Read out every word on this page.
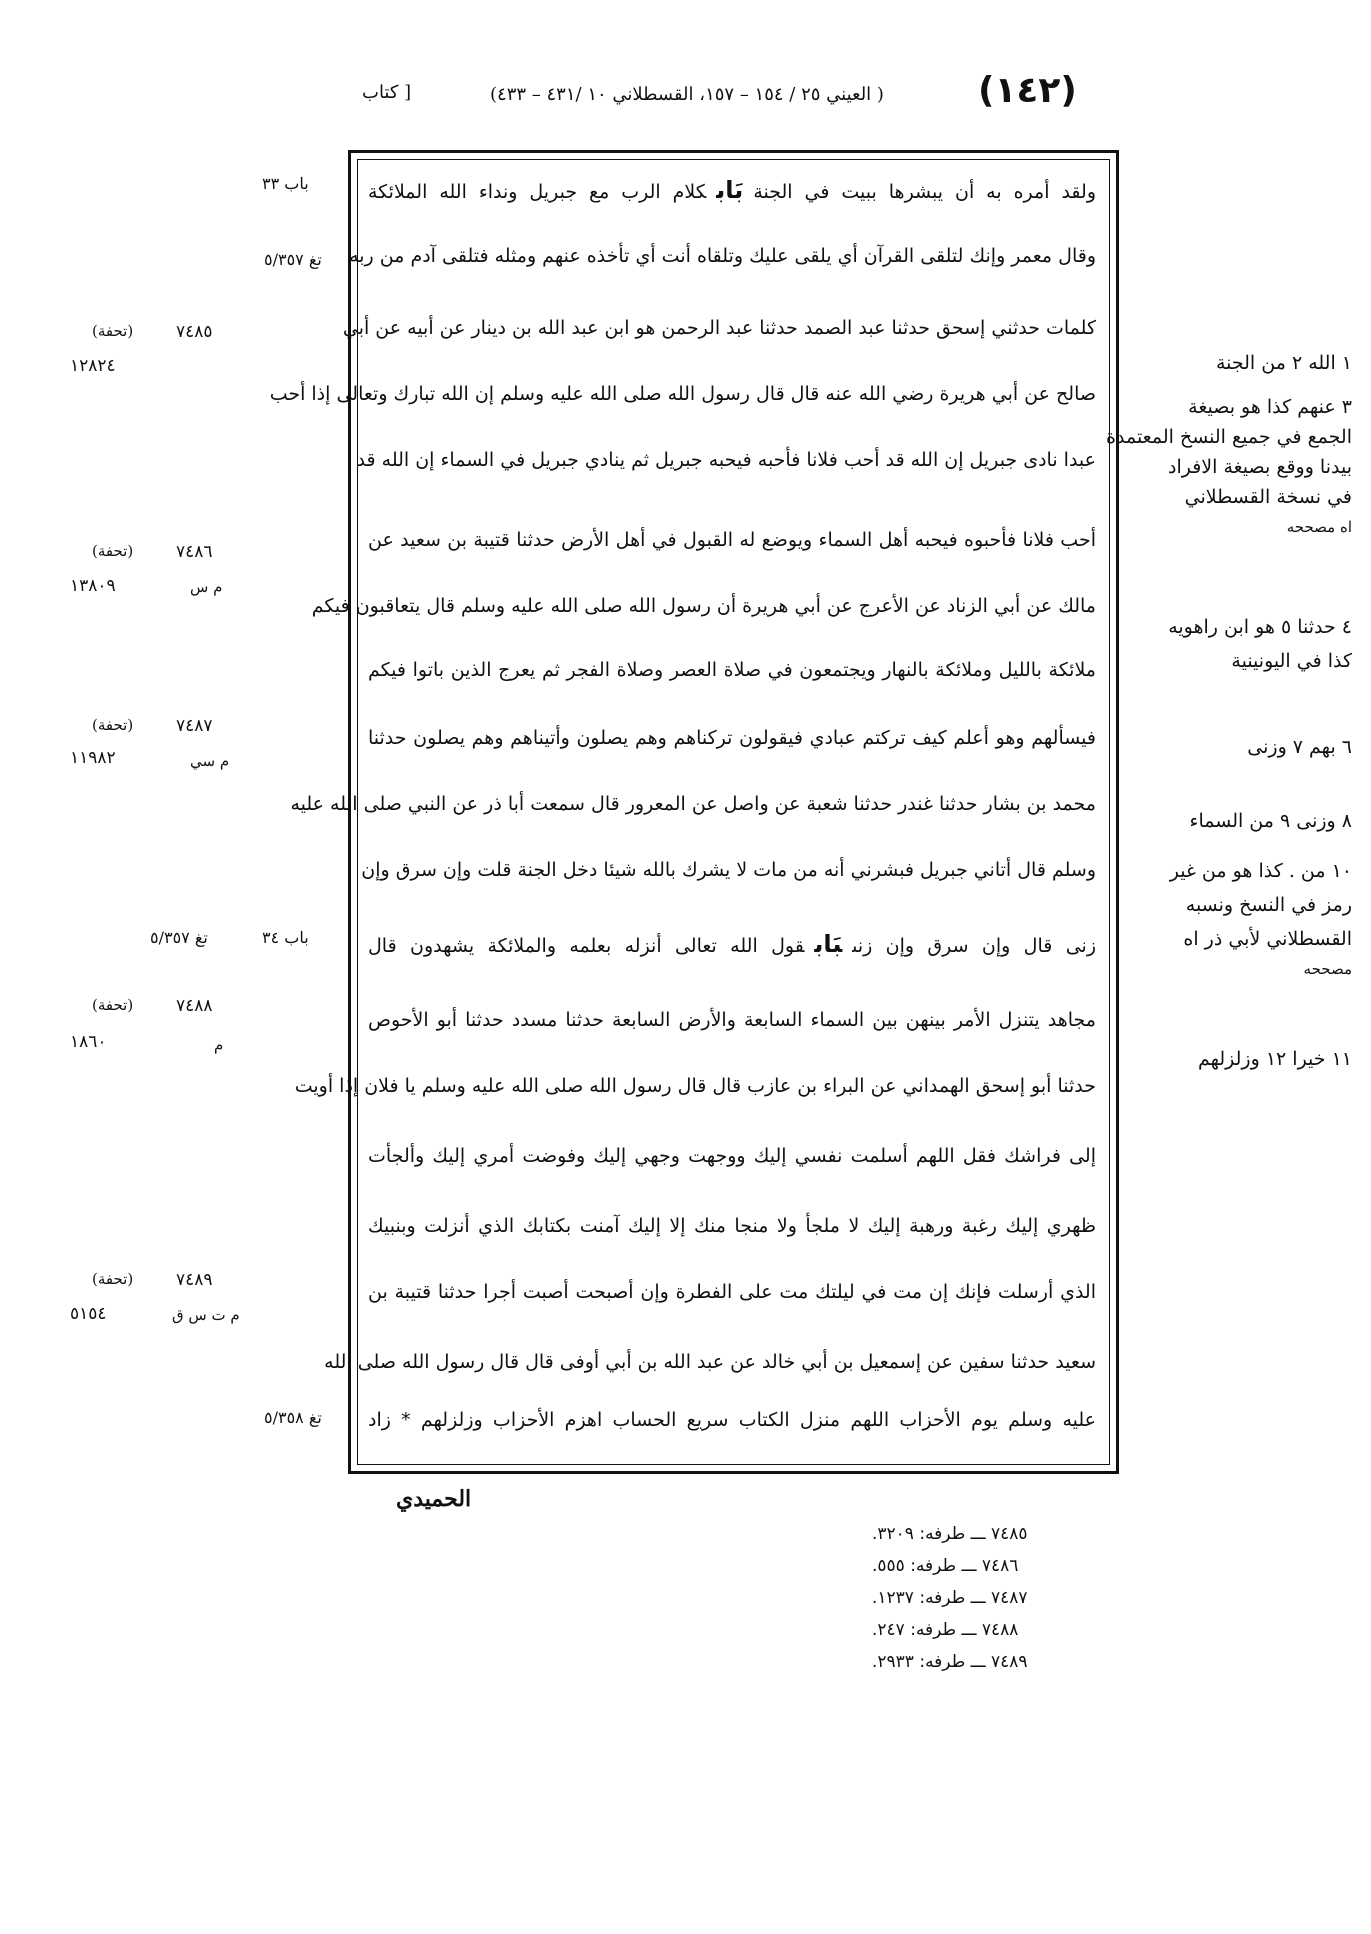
(١٤٢)
( العيني ٢٥ / ١٥٤ – ١٥٧، القسطلاني ١٠ /٤٣١ – ٤٣٣)
[ كتاب
ولقد أمره به أن يبشرها ببيت في الجنةبَابكلام الرب مع جبريل ونداء الله الملائكة
وقال معمر وإنك لتلقى القرآن أي يلقى عليك وتلقاه أنت أي تأخذه عنهم ومثله فتلقى آدم من ربه
كلمات حدثني إسحق حدثنا عبد الصمد حدثنا عبد الرحمن هو ابن عبد الله بن دينار عن أبيه عن أبي
صالح عن أبي هريرة رضي الله عنه قال قال رسول الله صلى الله عليه وسلم إن الله تبارك وتعالى إذا أحب
عبدا نادى جبريل إن الله قد أحب فلانا فأحبه فيحبه جبريل ثم ينادي جبريل في السماء إن الله قد
أحب فلانا فأحبوه فيحبه أهل السماء ويوضع له القبول في أهل الأرض حدثنا قتيبة بن سعيد عن
مالك عن أبي الزناد عن الأعرج عن أبي هريرة أن رسول الله صلى الله عليه وسلم قال يتعاقبون فيكم
ملائكة بالليل وملائكة بالنهار ويجتمعون في صلاة العصر وصلاة الفجر ثم يعرج الذين باتوا فيكم
فيسألهم وهو أعلم كيف تركتم عبادي فيقولون تركناهم وهم يصلون وأتيناهم وهم يصلون حدثنا
محمد بن بشار حدثنا غندر حدثنا شعبة عن واصل عن المعرور قال سمعت أبا ذر عن النبي صلى الله عليه
وسلم قال أتاني جبريل فبشرني أنه من مات لا يشرك بالله شيئا دخل الجنة قلت وإن سرق وإن
زنى قال وإن سرق وإن زنىبَابقول الله تعالى أنزله بعلمه والملائكة يشهدون قال
مجاهد يتنزل الأمر بينهن بين السماء السابعة والأرض السابعة حدثنا مسدد حدثنا أبو الأحوص
حدثنا أبو إسحق الهمداني عن البراء بن عازب قال قال رسول الله صلى الله عليه وسلم يا فلان إذا أويت
إلى فراشك فقل اللهم أسلمت نفسي إليك ووجهت وجهي إليك وفوضت أمري إليك وألجأت
ظهري إليك رغبة ورهبة إليك لا ملجأ ولا منجا منك إلا إليك آمنت بكتابك الذي أنزلت وبنبيك
الذي أرسلت فإنك إن مت في ليلتك مت على الفطرة وإن أصبحت أصبت أجرا حدثنا قتيبة بن
سعيد حدثنا سفين عن إسمعيل بن أبي خالد عن عبد الله بن أبي أوفى قال قال رسول الله صلى الله
عليه وسلم يوم الأحزاب اللهم منزل الكتاب سريع الحساب اهزم الأحزاب وزلزلهم * زاد
باب ٣٣
تغ ٥/٣٥٧
٧٤٨٥
(تحفة)
١٢٨٢٤
٧٤٨٦
(تحفة)
١٣٨٠٩	م س
٧٤٨٧
(تحفة)
١١٩٨٢	م سي
باب ٣٤
تغ ٥/٣٥٧
٧٤٨٨
(تحفة)
١٨٦٠	م
٧٤٨٩
(تحفة)
٥١٥٤	م ت س ق
تغ ٥/٣٥٨
١ الله ٢ من الجنة
٣ عنهم كذا هو بصيغة
الجمع في جميع النسخ المعتمدة
بيدنا ووقع بصيغة الافراد
في نسخة القسطلاني
اه مصححه
٤ حدثنا ٥ هو ابن راهويه
كذا في اليونينية
٦ بهم ٧ وزنى
٨ وزنى ٩ من السماء
١٠ من . كذا هو من غير
رمز في النسخ ونسبه
القسطلاني لأبي ذر اه
مصححه
١١ خيرا ١٢ وزلزلهم
الحميدي
٧٤٨٥ ـــ طرفه: ٣٢٠٩.
٧٤٨٦ ـــ طرفه: ٥٥٥.
٧٤٨٧ ـــ طرفه: ١٢٣٧.
٧٤٨٨ ـــ طرفه: ٢٤٧.
٧٤٨٩ ـــ طرفه: ٢٩٣٣.
